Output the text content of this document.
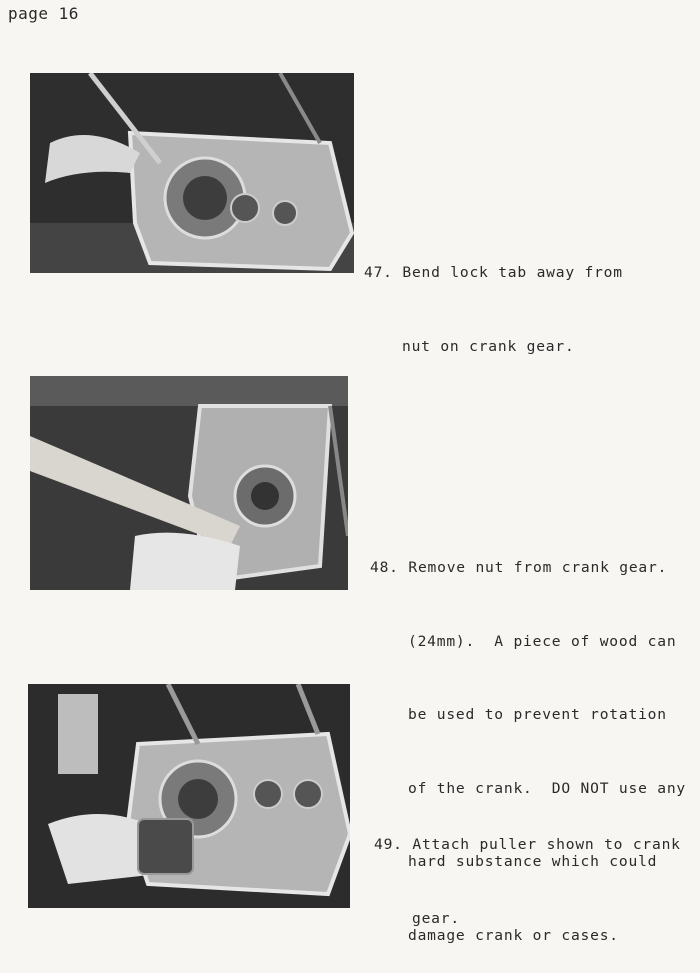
page 16

47. Bend lock tab away from

nut on crank gear.

48. Remove nut from crank gear.

(24mm).  A piece of wood can

be used to prevent rotation

of the crank.  DO NOT use any

hard substance which could

damage crank or cases.

49. Attach puller shown to crank

gear.
